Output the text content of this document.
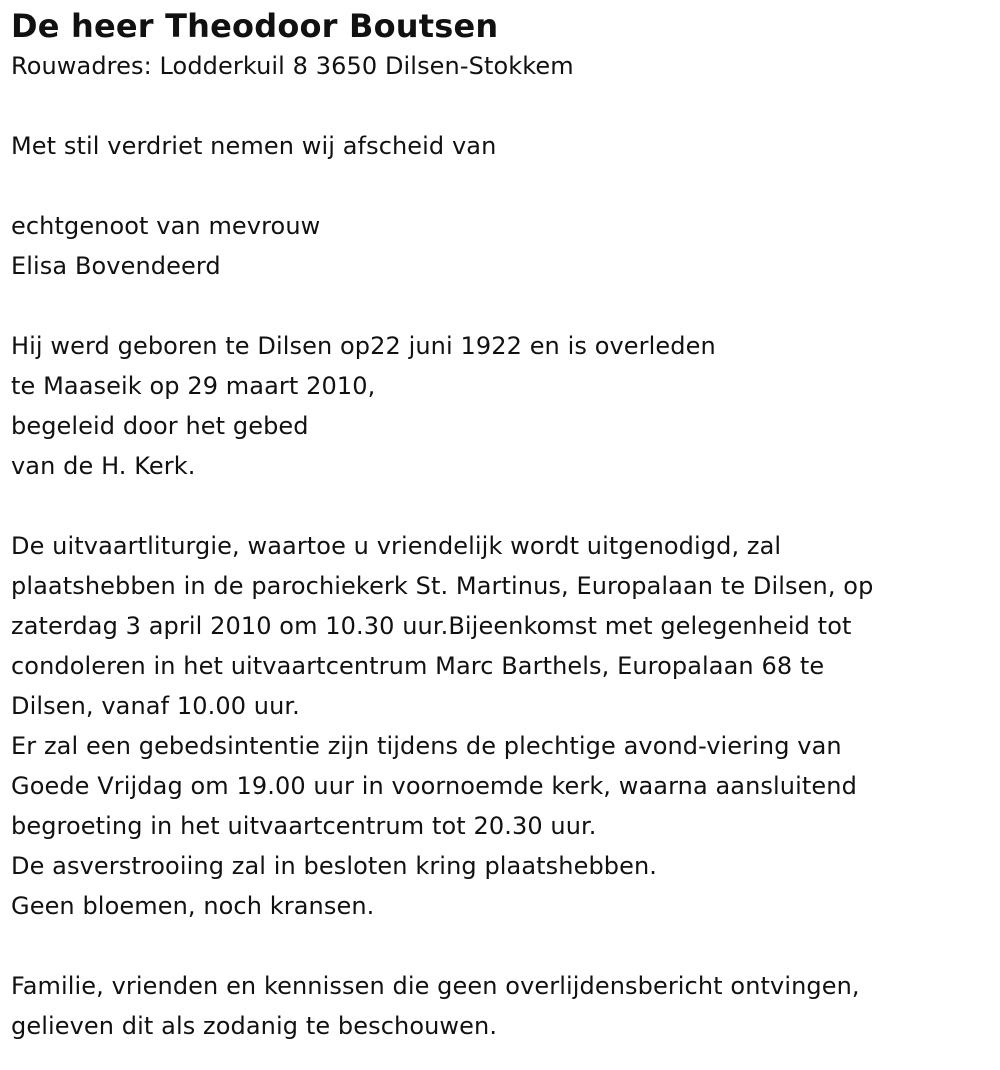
De heer Theodoor Boutsen
Rouwadres: Lodderkuil 8 3650 Dilsen-Stokkem
Met stil verdriet nemen wij afscheid van
echtgenoot van mevrouw
Elisa Bovendeerd
Hij werd geboren te Dilsen op22 juni 1922 en is overleden
te Maaseik op 29 maart 2010,
begeleid door het gebed
van de H. Kerk.
De uitvaartliturgie, waartoe u vriendelijk wordt uitgenodigd, zal
plaatshebben in de parochiekerk St. Martinus, Europalaan te Dilsen, op
zaterdag 3 april 2010 om 10.30 uur.Bijeenkomst met gelegenheid tot
condoleren in het uitvaartcentrum Marc Barthels, Europalaan 68 te
Dilsen, vanaf 10.00 uur.
Er zal een gebedsintentie zijn tijdens de plechtige avond-viering van
Goede Vrijdag om 19.00 uur in voornoemde kerk, waarna aansluitend
begroeting in het uitvaartcentrum tot 20.30 uur.
De asverstrooiing zal in besloten kring plaatshebben.
Geen bloemen, noch kransen.
Familie, vrienden en kennissen die geen overlijdensbericht ontvingen,
gelieven dit als zodanig te beschouwen.
